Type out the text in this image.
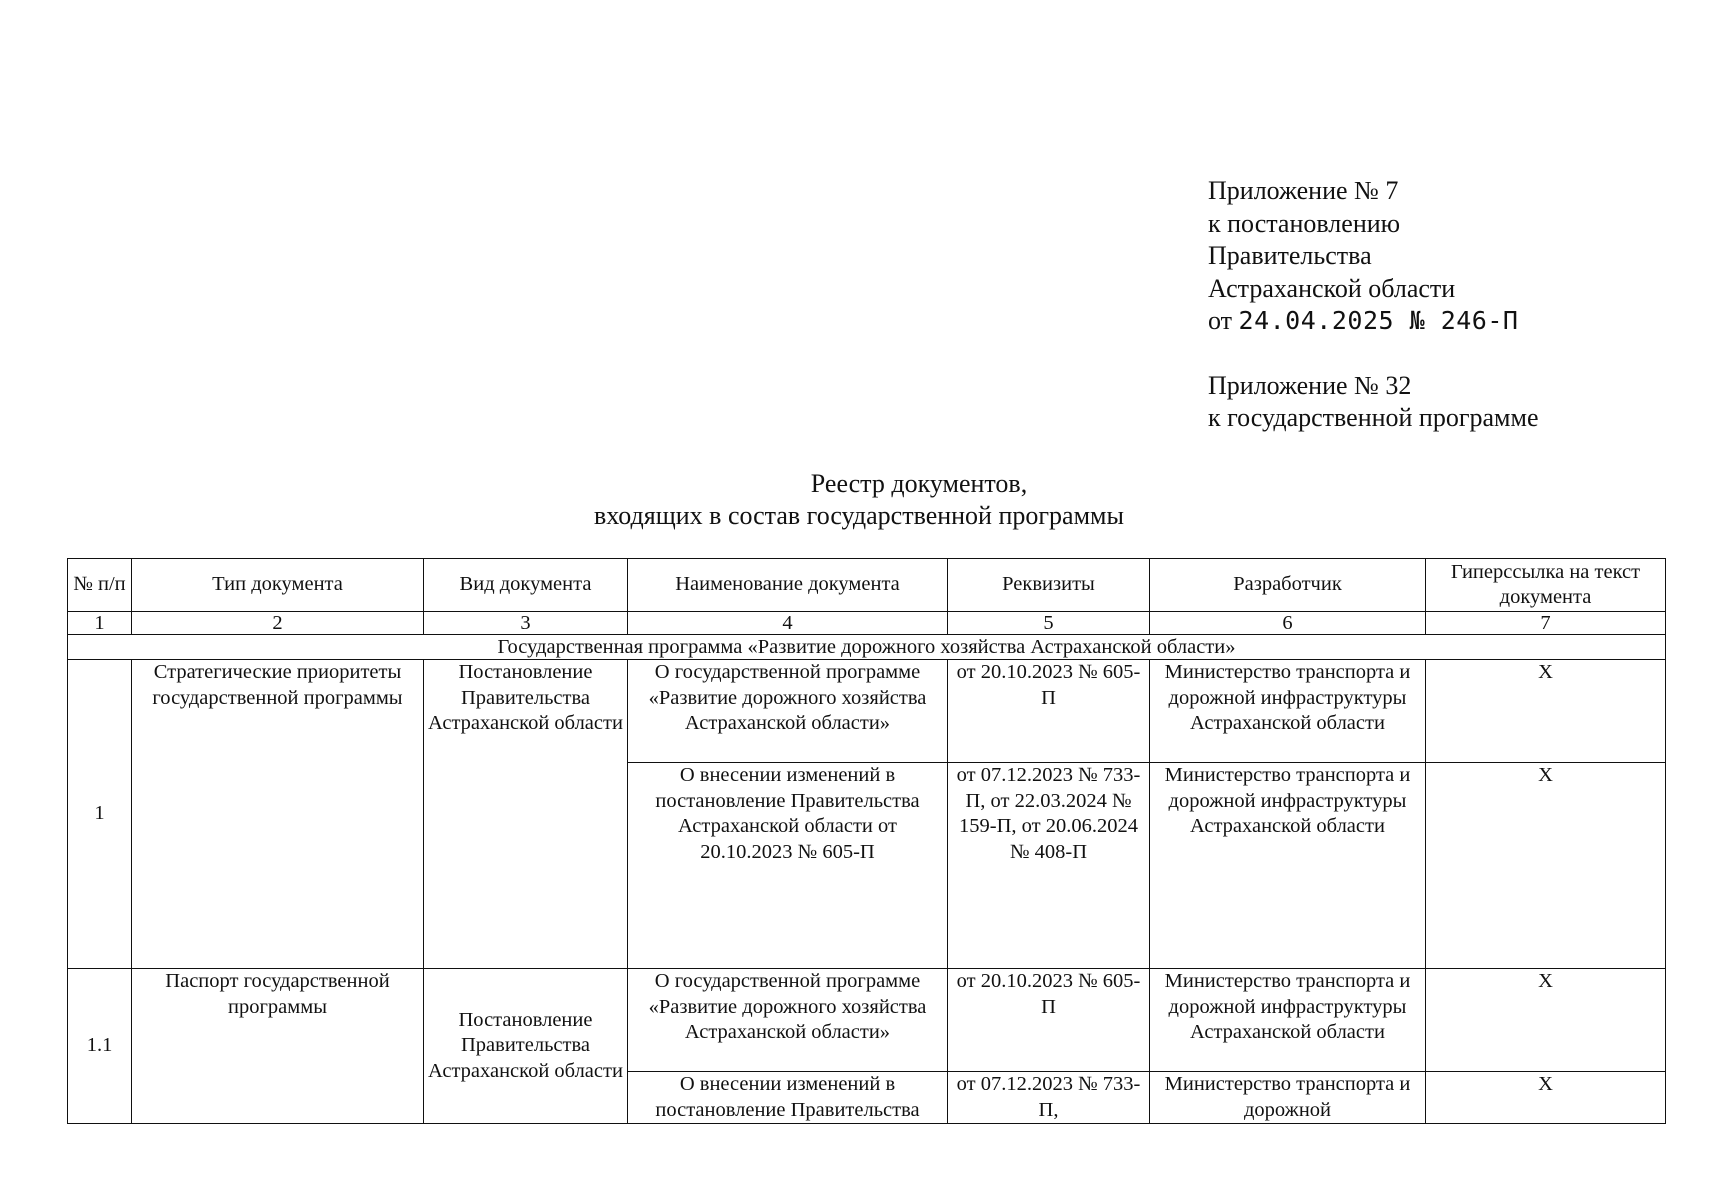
Приложение № 7
к постановлению
Правительства
Астраханской области
от 24.04.2025 № 246-П
Приложение № 32
к государственной программе
Реестр документов,
входящих в состав государственной программы
№ п/п	Тип документа	Вид документа	Наименование документа	Реквизиты	Разработчик	Гиперссылка на текст документа
1	2	3	4	5	6	7
Государственная программа «Развитие дорожного хозяйства Астраханской области»						
1	Стратегические приоритеты государственной программы	Постановление Правительства Астраханской области	О государственной программе «Развитие дорожного хозяйства Астраханской области»	от 20.10.2023 № 605-П	Министерство транспорта и дорожной инфраструктуры Астраханской области	X
			О внесении изменений в постановление Правительства Астраханской области от 20.10.2023 № 605-П	от 07.12.2023 № 733-П, от 22.03.2024 № 159-П, от 20.06.2024 № 408-П	Министерство транспорта и дорожной инфраструктуры Астраханской области	X
1.1	Паспорт государственной программы	Постановление Правительства Астраханской области	О государственной программе «Развитие дорожного хозяйства Астраханской области»	от 20.10.2023 № 605-П	Министерство транспорта и дорожной инфраструктуры Астраханской области	X
			О внесении изменений в постановление Правительства	от 07.12.2023 № 733-П,	Министерство транспорта и дорожной	X
